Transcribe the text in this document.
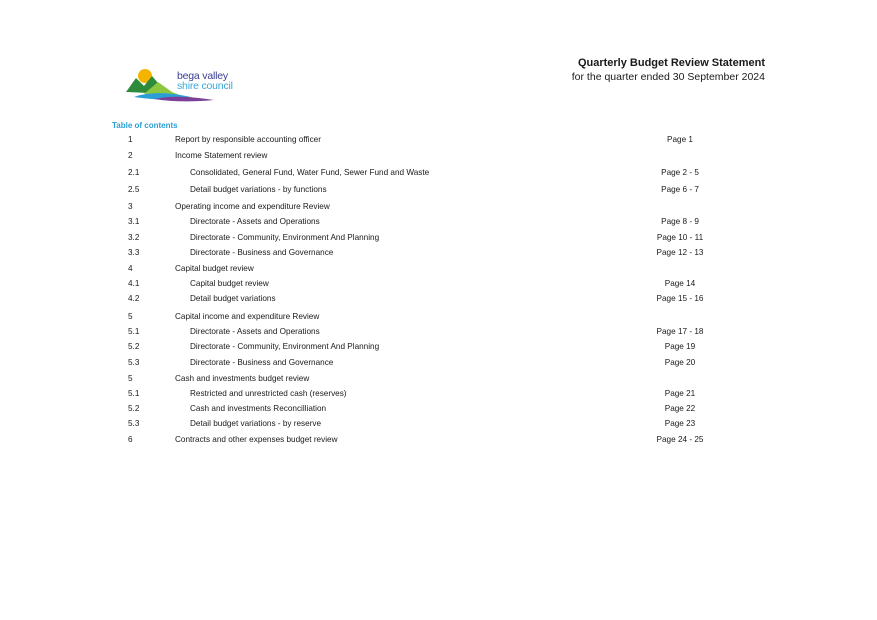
bega valley
shire council
Quarterly Budget Review Statement
for the quarter ended 30 September 2024
Table of contents
1	Report by responsible accounting officer	Page 1
2	Income Statement review
2.1	Consolidated, General Fund, Water Fund, Sewer Fund and Waste	Page 2 - 5
2.5	Detail budget variations - by functions	Page 6 - 7
3	Operating income and expenditure Review
3.1	Directorate - Assets and Operations	Page 8 - 9
3.2	Directorate - Community, Environment And Planning	Page 10 - 11
3.3	Directorate - Business and Governance	Page 12 - 13
4	Capital budget review
4.1	Capital budget review	Page 14
4.2	Detail budget variations	Page 15 - 16
5	Capital income and expenditure Review
5.1	Directorate - Assets and Operations	Page 17 - 18
5.2	Directorate - Community, Environment And Planning	Page 19
5.3	Directorate - Business and Governance	Page 20
5	Cash and investments budget review
5.1	Restricted and unrestricted cash (reserves)	Page 21
5.2	Cash and investments Reconcilliation	Page 22
5.3	Detail budget variations - by reserve	Page 23
6	Contracts and other expenses budget review	Page 24 - 25
